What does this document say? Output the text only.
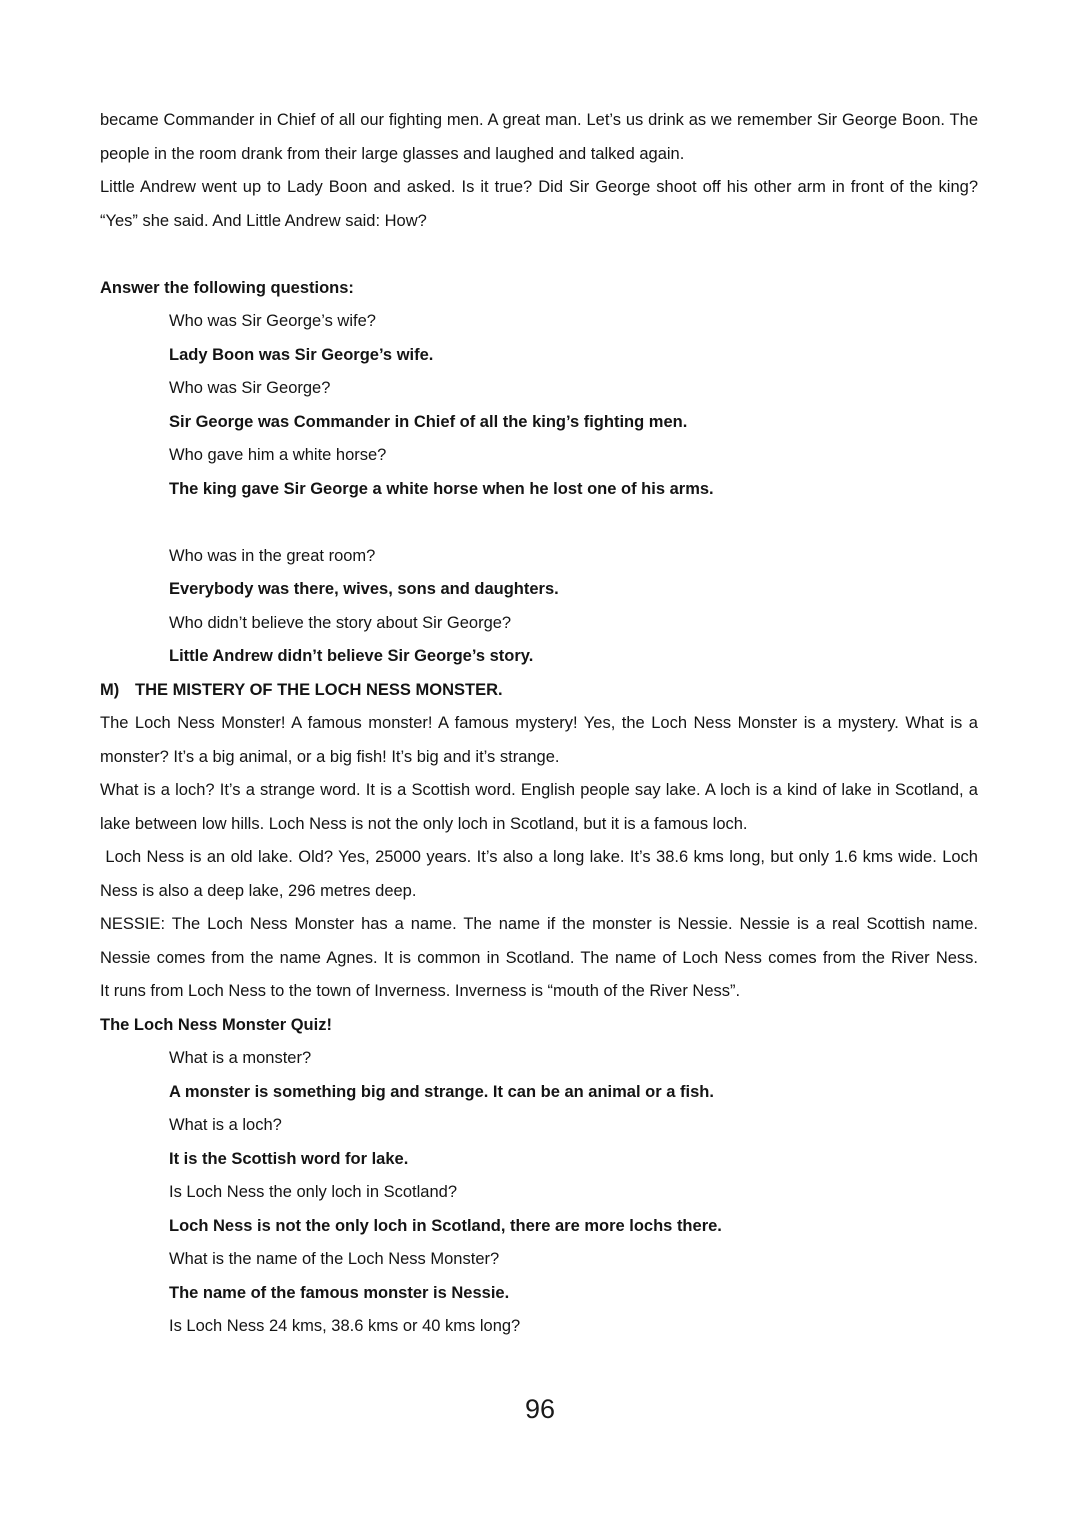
became Commander in Chief of all our fighting men. A great man. Let’s us drink as we remember Sir George Boon. The
people in the room drank from their large glasses and laughed and talked again.
Little Andrew went up to Lady Boon and asked. Is it true? Did Sir George shoot off his other arm in front of the king?
“Yes” she said. And Little Andrew said: How?
Answer the following questions:
Who was Sir George’s wife?
Lady Boon was Sir George’s wife.
Who was Sir George?
Sir George was Commander in Chief of all the king’s fighting men.
Who gave him a white horse?
The king gave Sir George a white horse when he lost one of his arms.
Who was in the great room?
Everybody was there, wives, sons and daughters.
Who didn’t believe the story about Sir George?
Little Andrew didn’t believe Sir George’s story.
M) THE MISTERY OF THE LOCH NESS MONSTER.
The Loch Ness Monster! A famous monster! A famous mystery! Yes, the Loch Ness Monster is a mystery. What is a
monster? It’s a big animal, or a big fish! It’s big and it’s strange.
What is a loch? It’s a strange word. It is a Scottish word. English people say lake. A loch is a kind of lake in Scotland, a
lake between low hills. Loch Ness is not the only loch in Scotland, but it is a famous loch.
Loch Ness is an old lake. Old? Yes, 25000 years. It’s also a long lake. It’s 38.6 kms long, but only 1.6 kms wide. Loch
Ness is also a deep lake, 296 metres deep.
NESSIE: The Loch Ness Monster has a name. The name if the monster is Nessie. Nessie is a real Scottish name.
Nessie comes from the name Agnes. It is common in Scotland. The name of Loch Ness comes from the River Ness.
It runs from Loch Ness to the town of Inverness. Inverness is “mouth of the River Ness”.
The Loch Ness Monster Quiz!
What is a monster?
A monster is something big and strange. It can be an animal or a fish.
What is a loch?
It is the Scottish word for lake.
Is Loch Ness the only loch in Scotland?
Loch Ness is not the only loch in Scotland, there are more lochs there.
What is the name of the Loch Ness Monster?
The name of the famous monster is Nessie.
Is Loch Ness 24 kms, 38.6 kms or 40 kms long?
96
